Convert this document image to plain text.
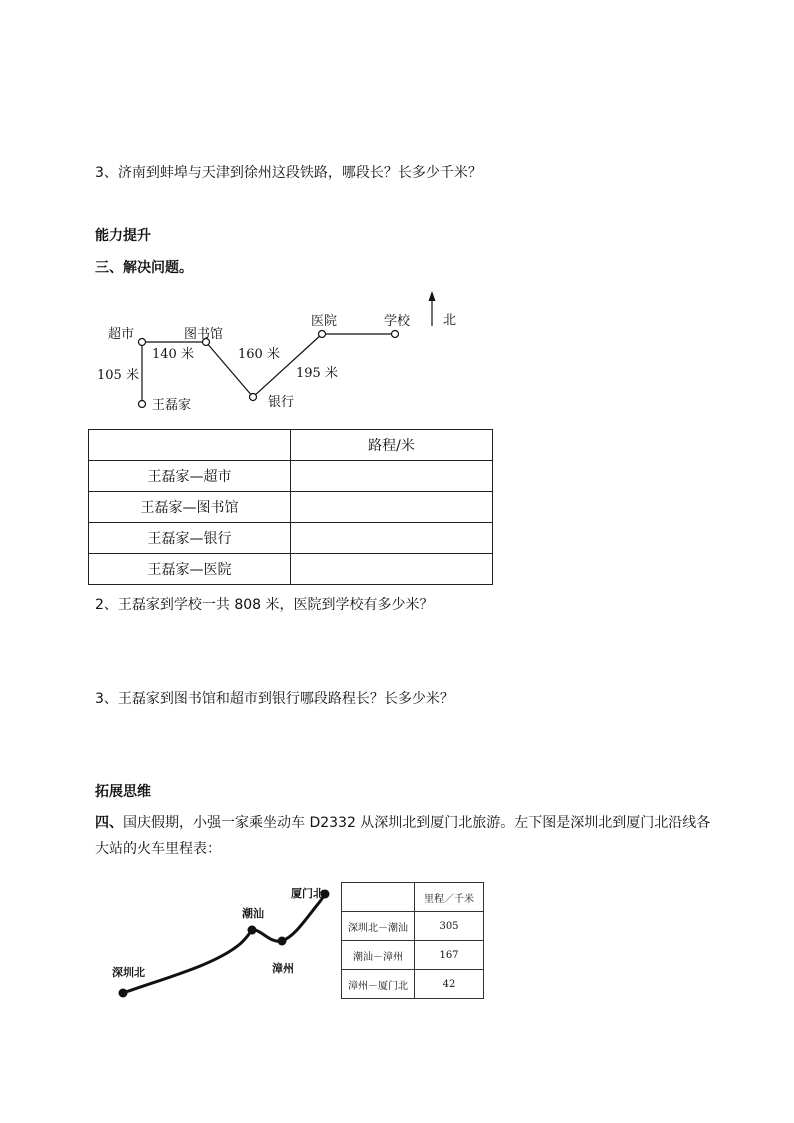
3、济南到蚌埠与天津到徐州这段铁路，哪段长？长多少千米？
能力提升
三、解决问题。
超市	图书馆
医院	学校
王磊家	银行
北
140 米	160 米
195 米
105 米
	路程/米
王磊家—超市	
王磊家—图书馆	
王磊家—银行	
王磊家—医院	
2、王磊家到学校一共 808 米，医院到学校有多少米？
3、王磊家到图书馆和超市到银行哪段路程长？长多少米？
拓展思维
四、国庆假期，小强一家乘坐动车 D2332 从深圳北到厦门北旅游。左下图是深圳北到厦门北沿线各大站的火车里程表：
深圳北
潮汕
漳州
厦门北
		里程／千米
深圳北－潮汕	305
潮汕－漳州	167
漳州－厦门北	42
